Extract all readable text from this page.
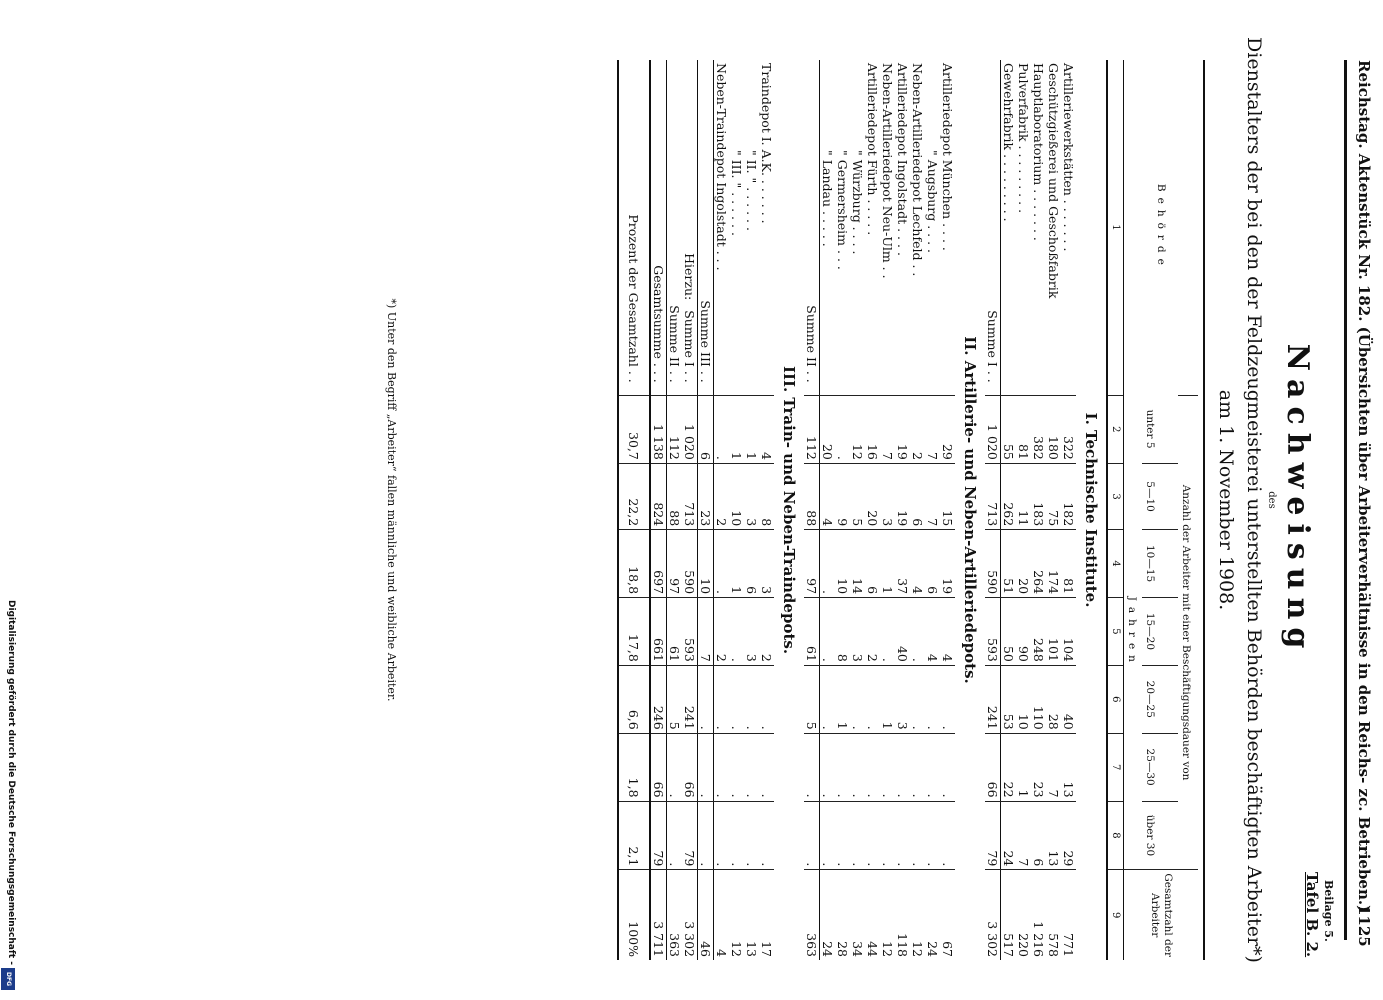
Reichstag. Aktenstück Nr. 182. (Übersichten über Arbeiterverhältnisse in den Reichs- zc. Betrieben.)
1125
Beilage 5.
Tafel B. 2.
Nachweisung
des
Dienstalters der bei den der Feldzeugmeisterei unterstellten Behörden beschäftigten Arbeiter*)
am 1. November 1908.
Behörde	Anzahl der Arbeiter mit einer Beschäftigungsdauer von							Gesamtzahl der Arbeiter
	unter 5	5—10	10—15	15—20	20—25	25—30	über 30	
	Jahren							
1	2	3	4	5	6	7	8	9
I. Technische Institute.								
Artilleriewerkstätten . . . . . . .	322	182	81	104	40	13	29	771
Geschützgießerei und Geschoßfabrik	180	75	174	101	28	7	13	578
Hauptlaboratorium . . . . . . .	382	183	264	248	110	23	6	1 216
Pulverfabrik . . . . . . . . .	81	11	20	90	10	1	7	220
Gewehrfabrik . . . . . . . . .	55	262	51	50	53	22	24	517
Summe I . .	1 020	713	590	593	241	66	79	3 302
II. Artillerie- und Neben-Artilleriedepots.								
Artilleriedepot München . . . .	29	15	19	4	.	.	.	67
" Augsburg . . . .	7	7	6	4	.	.	.	24
Neben-Artilleriedepot Lechfeld . .	2	6	4	.	.	.	.	12
Artilleriedepot Ingolstadt . . . .	19	19	37	40	3	.	.	118
Neben-Artilleriedepot Neu-Ulm . .	7	3	1	.	1	.	.	12
Artilleriedepot Fürth . . . . .	16	20	6	2	.	.	.	44
" Würzburg . . . .	12	5	14	3	.	.	.	34
" Germersheim . . .	.	9	10	8	1	.	.	28
" Landau . . . . .	20	4	.	.	.	.	.	24
Summe II . .	112	88	97	61	5	.	.	363
III. Train- und Neben-Traindepots.								
Traindepot I. A.K. . . . . . .	4	8	3	2	.	.	.	17
" II. " . . . . . .	1	3	6	3	.	.	.	13
" III. " . . . . . .	1	10	1	.	.	.	.	12
Neben-Traindepot Ingolstadt . . .	.	2	.	2	.	.	.	4
Summe III . .	6	23	10	7	.	.	.	46
Hierzu:Summe I . .	1 020	713	590	593	241	66	79	3 302
Summe II . .	112	88	97	61	5	.	.	363
Gesamtsumme . . .	1 138	824	697	661	246	66	79	3 711
Prozent der Gesamtzahl . .	30,7	22,2	18,8	17,8	6,6	1,8	2,1	100%
*) Unter den Begriff „Arbeiter“ fallen männliche und weibliche Arbeiter.
Digitalisierung gefördert durch die Deutsche Forschungsgemeinschaft -
DFG
